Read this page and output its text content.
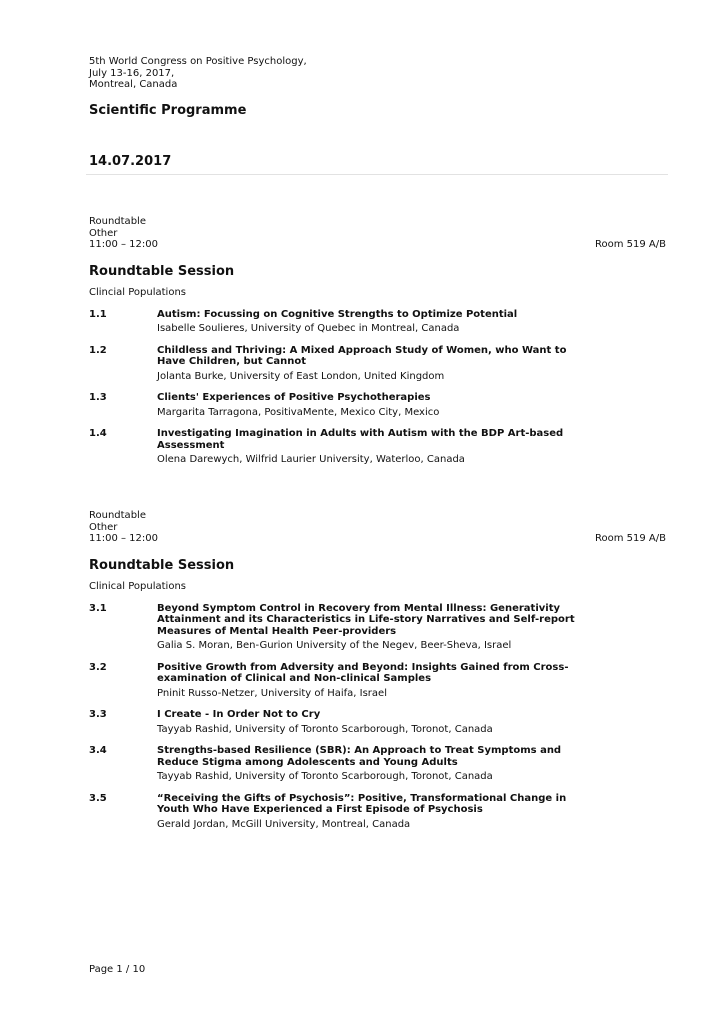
5th World Congress on Positive Psychology,
July 13-16, 2017,
Montreal, Canada
Scientific Programme
14.07.2017
Roundtable
Other
11:00 – 12:00	Room 519 A/B
Roundtable Session
Clincial Populations
1.1	Autism: Focussing on Cognitive Strengths to Optimize Potential
Isabelle Soulieres, University of Quebec in Montreal, Canada
1.2	Childless and Thriving: A Mixed Approach Study of Women, who Want to Have Children, but Cannot
Jolanta Burke, University of East London, United Kingdom
1.3	Clients' Experiences of Positive Psychotherapies
Margarita Tarragona, PositivaMente, Mexico City, Mexico
1.4	Investigating Imagination in Adults with Autism with the BDP Art-based Assessment
Olena Darewych, Wilfrid Laurier University, Waterloo, Canada
Roundtable
Other
11:00 – 12:00	Room 519 A/B
Roundtable Session
Clinical Populations
3.1	Beyond Symptom Control in Recovery from Mental Illness: Generativity Attainment and its Characteristics in Life-story Narratives and Self-report Measures of Mental Health Peer-providers
Galia S. Moran, Ben-Gurion University of the Negev, Beer-Sheva, Israel
3.2	Positive Growth from Adversity and Beyond: Insights Gained from Cross-examination of Clinical and Non-clinical Samples
Pninit Russo-Netzer, University of Haifa, Israel
3.3	I Create - In Order Not to Cry
Tayyab Rashid, University of Toronto Scarborough, Toronot, Canada
3.4	Strengths-based Resilience (SBR): An Approach to Treat Symptoms and Reduce Stigma among Adolescents and Young Adults
Tayyab Rashid, University of Toronto Scarborough, Toronot, Canada
3.5	“Receiving the Gifts of Psychosis”: Positive, Transformational Change in Youth Who Have Experienced a First Episode of Psychosis
Gerald Jordan, McGill University, Montreal, Canada
Page 1 / 10
